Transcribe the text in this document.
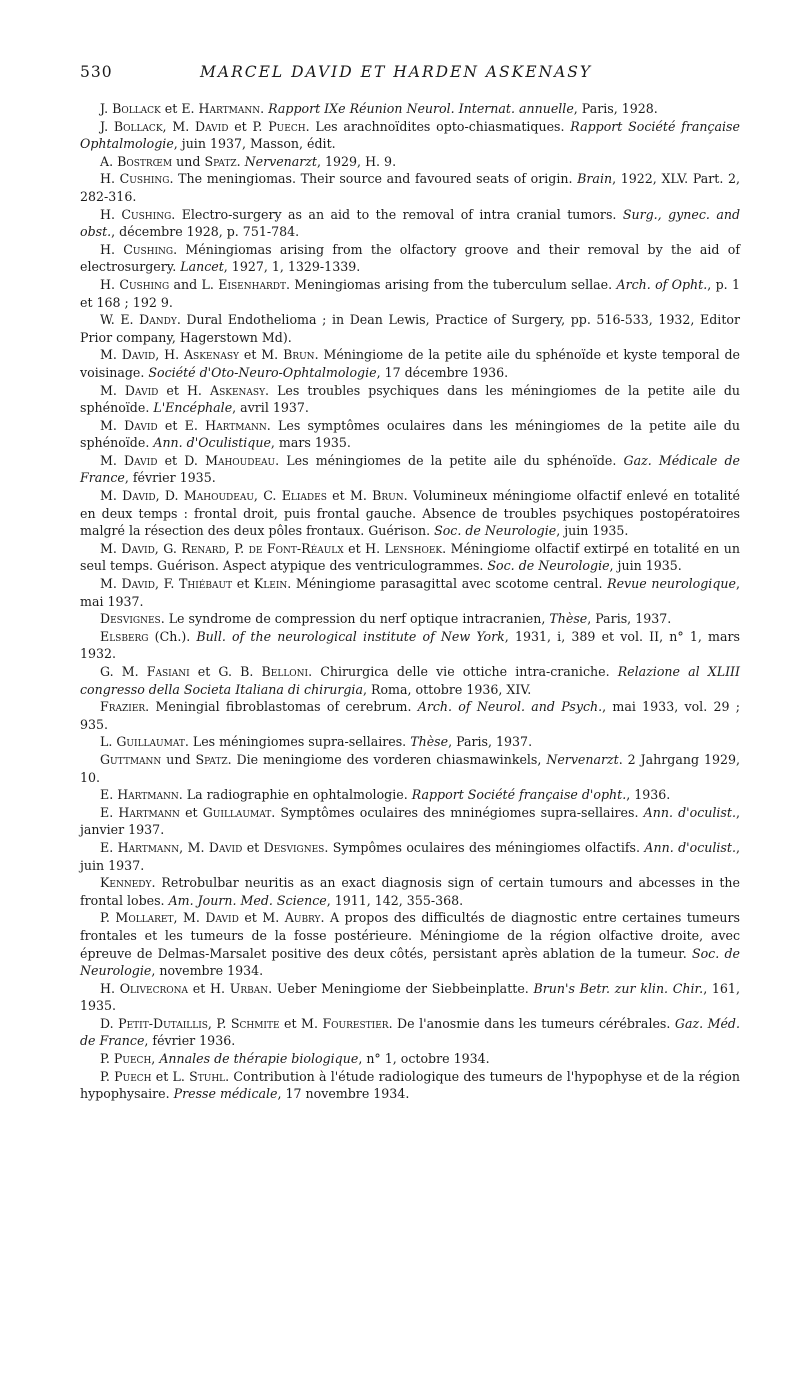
530	MARCEL DAVID ET HARDEN ASKENASY

J. Bollack et E. Hartmann. Rapport IXe Réunion Neurol. Internat. annuelle, Paris, 1928.

J. Bollack, M. David et P. Puech. Les arachnoïdites opto-chiasmatiques. Rapport Société française Ophtalmologie, juin 1937, Masson, édit.

A. Bostrœm und Spatz. Nervenarzt, 1929, H. 9.

H. Cushing. The meningiomas. Their source and favoured seats of origin. Brain, 1922, XLV. Part. 2, 282-316.

H. Cushing. Electro-surgery as an aid to the removal of intra cranial tumors. Surg., gynec. and obst., décembre 1928, p. 751-784.

H. Cushing. Méningiomas arising from the olfactory groove and their removal by the aid of electrosurgery. Lancet, 1927, 1, 1329-1339.

H. Cushing and L. Eisenhardt. Meningiomas arising from the tuberculum sellae. Arch. of Opht., p. 1 et 168 ; 192 9.

W. E. Dandy. Dural Endothelioma ; in Dean Lewis, Practice of Surgery, pp. 516-533, 1932, Editor Prior company, Hagerstown Md).

M. David, H. Askenasy et M. Brun. Méningiome de la petite aile du sphénoïde et kyste temporal de voisinage. Société d'Oto-Neuro-Ophtalmologie, 17 décembre 1936.

M. David et H. Askenasy. Les troubles psychiques dans les méningiomes de la petite aile du sphénoïde. L'Encéphale, avril 1937.

M. David et E. Hartmann. Les symptômes oculaires dans les méningiomes de la petite aile du sphénoïde. Ann. d'Oculistique, mars 1935.

M. David et D. Mahoudeau. Les méningiomes de la petite aile du sphénoïde. Gaz. Médicale de France, février 1935.

M. David, D. Mahoudeau, C. Eliades et M. Brun. Volumineux méningiome olfactif enlevé en totalité en deux temps : frontal droit, puis frontal gauche. Absence de troubles psychiques postopératoires malgré la résection des deux pôles frontaux. Guérison. Soc. de Neurologie, juin 1935.

M. David, G. Renard, P. de Font-Réaulx et H. Lenshoek. Méningiome olfactif extirpé en totalité en un seul temps. Guérison. Aspect atypique des ventriculogrammes. Soc. de Neurologie, juin 1935.

M. David, F. Thiébaut et Klein. Méningiome parasagittal avec scotome central. Revue neurologique, mai 1937.

Desvignes. Le syndrome de compression du nerf optique intracranien, Thèse, Paris, 1937.

Elsberg (Ch.). Bull. of the neurological institute of New York, 1931, i, 389 et vol. II, n° 1, mars 1932.

G. M. Fasiani et G. B. Belloni. Chirurgica delle vie ottiche intra-craniche. Relazione al XLIII congresso della Societa Italiana di chirurgia, Roma, ottobre 1936, XIV.

Frazier. Meningial fibroblastomas of cerebrum. Arch. of Neurol. and Psych., mai 1933, vol. 29 ; 935.

L. Guillaumat. Les méningiomes supra-sellaires. Thèse, Paris, 1937.

Guttmann und Spatz. Die meningiome des vorderen chiasmawinkels, Nervenarzt. 2 Jahrgang 1929, 10.

E. Hartmann. La radiographie en ophtalmologie. Rapport Société française d'opht., 1936.

E. Hartmann et Guillaumat. Symptômes oculaires des mninégiomes supra-sellaires. Ann. d'oculist., janvier 1937.

E. Hartmann, M. David et Desvignes. Sympômes oculaires des méningiomes olfactifs. Ann. d'oculist., juin 1937.

Kennedy. Retrobulbar neuritis as an exact diagnosis sign of certain tumours and abcesses in the frontal lobes. Am. Journ. Med. Science, 1911, 142, 355-368.

P. Mollaret, M. David et M. Aubry. A propos des difficultés de diagnostic entre certaines tumeurs frontales et les tumeurs de la fosse postérieure. Méningiome de la région olfactive droite, avec épreuve de Delmas-Marsalet positive des deux côtés, persistant après ablation de la tumeur. Soc. de Neurologie, novembre 1934.

H. Olivecrona et H. Urban. Ueber Meningiome der Siebbeinplatte. Brun's Betr. zur klin. Chir., 161, 1935.

D. Petit-Dutaillis, P. Schmite et M. Fourestier. De l'anosmie dans les tumeurs cérébrales. Gaz. Méd. de France, février 1936.

P. Puech, Annales de thérapie biologique, n° 1, octobre 1934.

P. Puech et L. Stuhl. Contribution à l'étude radiologique des tumeurs de l'hypophyse et de la région hypophysaire. Presse médicale, 17 novembre 1934.
